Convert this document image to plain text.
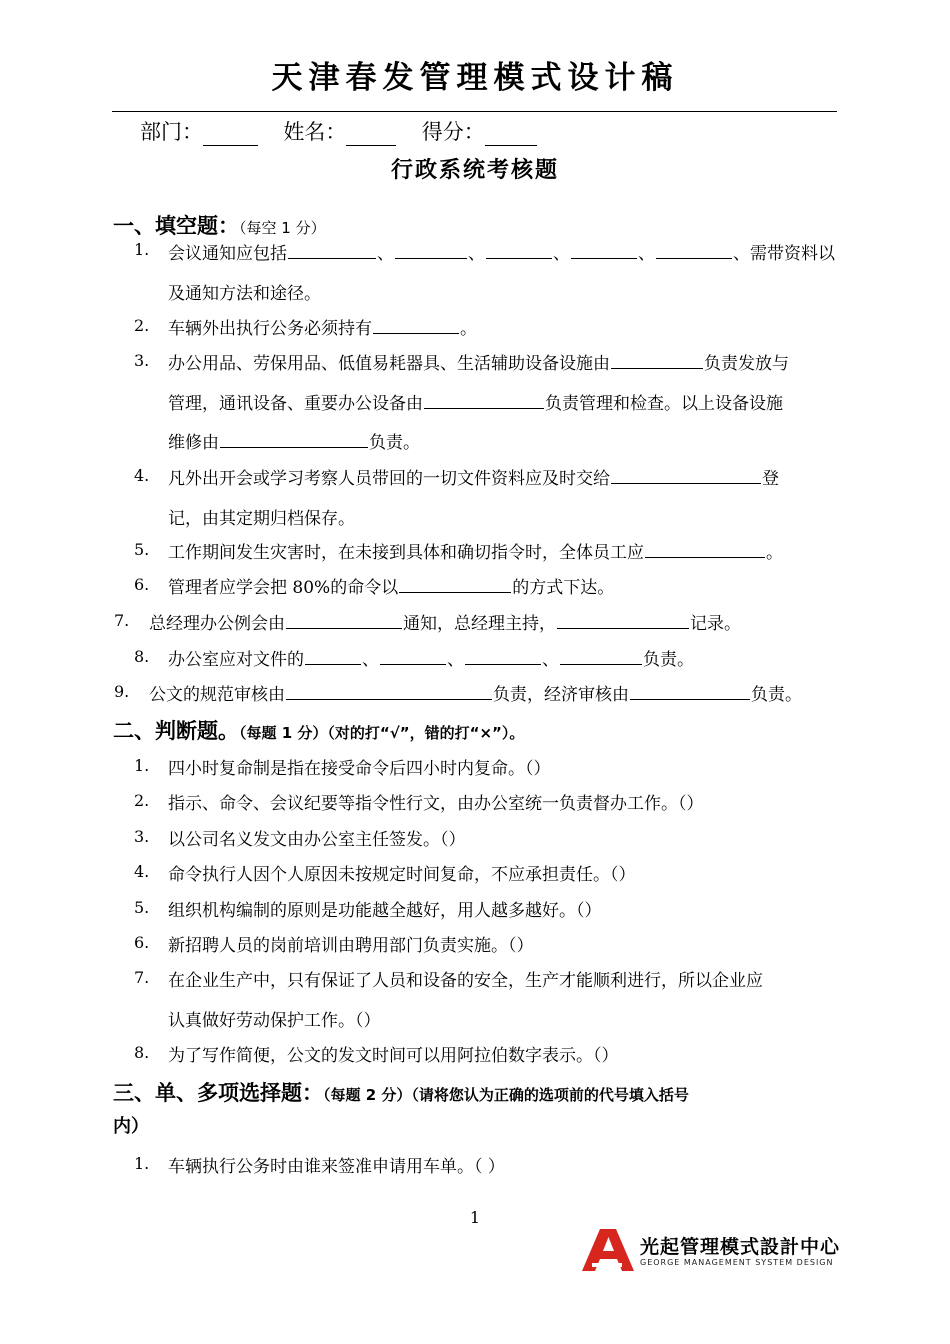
天津春发管理模式设计稿
部门：	姓名：	得分：
行政系统考核题
一、填空题：（每空 1 分）
1. 会议通知应包括	、	、	、	、	、需带资料以
及通知方法和途径。
2. 车辆外出执行公务必须持有	。
3. 办公用品、劳保用品、低值易耗器具、生活辅助设备设施由	负责发放与
管理，通讯设备、重要办公设备由	负责管理和检查。以上设备设施
维修由	负责。
4. 凡外出开会或学习考察人员带回的一切文件资料应及时交给	登
记，由其定期归档保存。
5. 工作期间发生灾害时，在未接到具体和确切指令时，全体员工应	。
6. 管理者应学会把 80%的命令以	的方式下达。
7. 总经理办公例会由	通知，总经理主持，	记录。
8. 办公室应对文件的	、	、	、	负责。
9. 公文的规范审核由	负责，经济审核由	负责。
二、判断题。（每题 1 分）（对的打“√”，错的打“×”）。
1. 四小时复命制是指在接受命令后四小时内复命。（）
2. 指示、命令、会议纪要等指令性行文，由办公室统一负责督办工作。（）
3. 以公司名义发文由办公室主任签发。（）
4. 命令执行人因个人原因未按规定时间复命，不应承担责任。（）
5. 组织机构编制的原则是功能越全越好，用人越多越好。（）
6. 新招聘人员的岗前培训由聘用部门负责实施。（）
7. 在企业生产中，只有保证了人员和设备的安全，生产才能顺利进行，所以企业应
认真做好劳动保护工作。（）
8. 为了写作简便，公文的发文时间可以用阿拉伯数字表示。（）
三、单、多项选择题：（每题 2 分）（请将您认为正确的选项前的代号填入括号
内）
1. 车辆执行公务时由谁来签准申请用车单。（ ）
1
光起管理模式設計中心
GEORGE MANAGEMENT SYSTEM DESIGN
